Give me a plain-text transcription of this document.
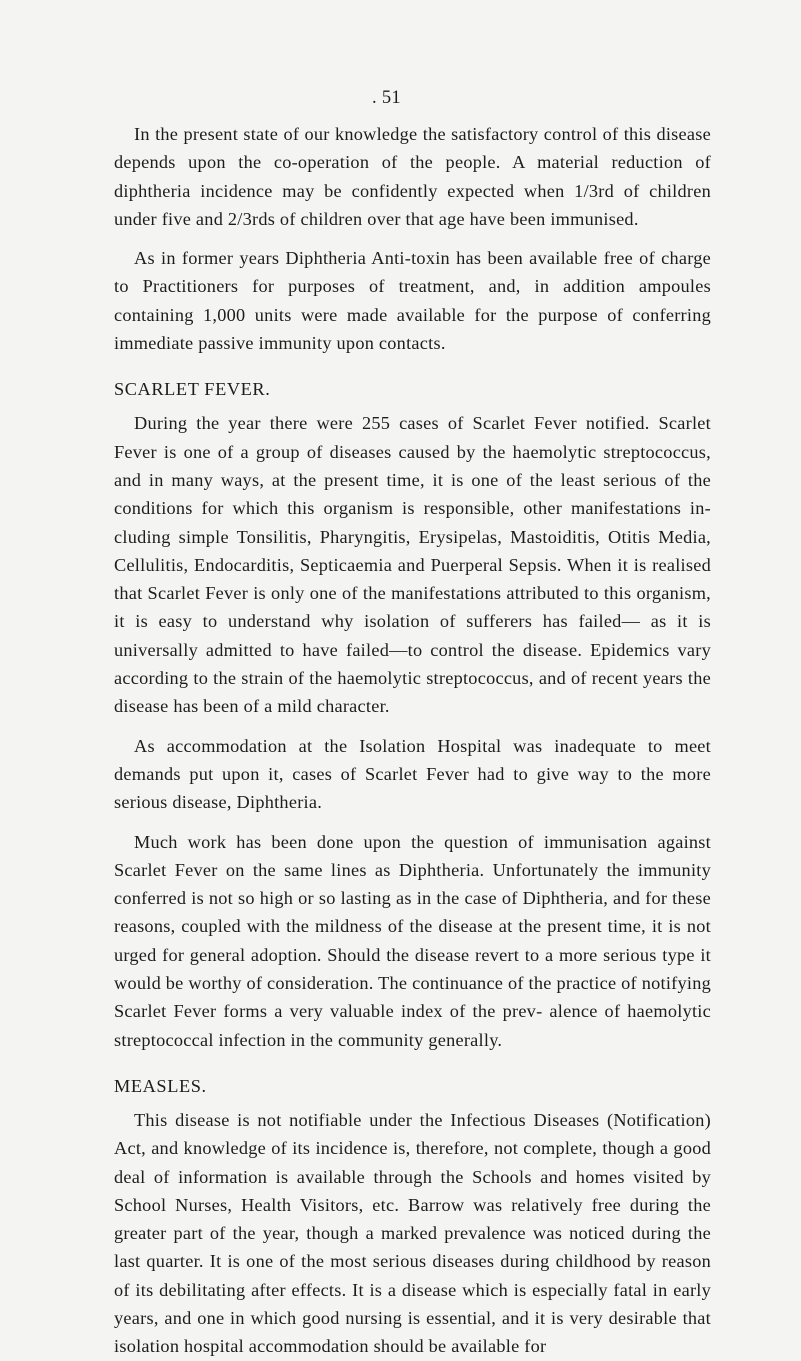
. 51

In the present state of our knowledge the satisfactory control of this disease depends upon the co-operation of the people. A material reduction of diphtheria incidence may be confidently expected when 1/3rd of children under five and 2/3rds of children over that age have been immunised.

As in former years Diphtheria Anti-toxin has been available free of charge to Practitioners for purposes of treatment, and, in addition ampoules containing 1,000 units were made available for the purpose of conferring immediate passive immunity upon contacts.

SCARLET FEVER.

During the year there were 255 cases of Scarlet Fever notified. Scarlet Fever is one of a group of diseases caused by the haemolytic streptococcus, and in many ways, at the present time, it is one of the least serious of the conditions for which this organism is responsible, other manifestations in- cluding simple Tonsilitis, Pharyngitis, Erysipelas, Mastoiditis, Otitis Media, Cellulitis, Endocarditis, Septicaemia and Puerperal Sepsis. When it is realised that Scarlet Fever is only one of the manifestations attributed to this organism, it is easy to understand why isolation of sufferers has failed— as it is universally admitted to have failed—to control the disease. Epidemics vary according to the strain of the haemolytic streptococcus, and of recent years the disease has been of a mild character.

As accommodation at the Isolation Hospital was inadequate to meet demands put upon it, cases of Scarlet Fever had to give way to the more serious disease, Diphtheria.

Much work has been done upon the question of immunisation against Scarlet Fever on the same lines as Diphtheria. Unfortunately the immunity conferred is not so high or so lasting as in the case of Diphtheria, and for these reasons, coupled with the mildness of the disease at the present time, it is not urged for general adoption. Should the disease revert to a more serious type it would be worthy of consideration. The continuance of the practice of notifying Scarlet Fever forms a very valuable index of the prev- alence of haemolytic streptococcal infection in the community generally.

MEASLES.

This disease is not notifiable under the Infectious Diseases (Notification) Act, and knowledge of its incidence is, therefore, not complete, though a good deal of information is available through the Schools and homes visited by School Nurses, Health Visitors, etc. Barrow was relatively free during the greater part of the year, though a marked prevalence was noticed during the last quarter. It is one of the most serious diseases during childhood by reason of its debilitating after effects. It is a disease which is especially fatal in early years, and one in which good nursing is essential, and it is very desirable that isolation hospital accommodation should be available for
